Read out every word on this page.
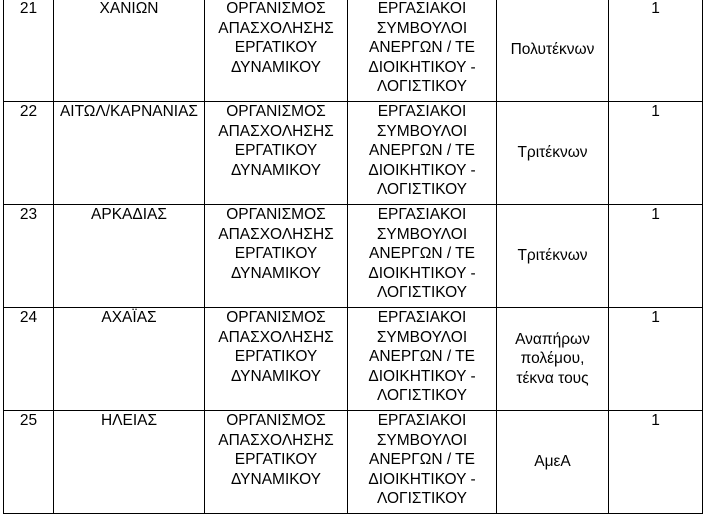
21	ΧΑΝΙΩΝ	ΟΡΓΑΝΙΣΜΟΣ
ΑΠΑΣΧΟΛΗΣΗΣ
ΕΡΓΑΤΙΚΟΥ
ΔΥΝΑΜΙΚΟΥ	ΕΡΓΑΣΙΑΚΟΙ
ΣΥΜΒΟΥΛΟΙ
ΑΝΕΡΓΩΝ / ΤΕ
ΔΙΟΙΚΗΤΙΚΟΥ -
ΛΟΓΙΣΤΙΚΟΥ	Πολυτέκνων	1
22	ΑΙΤΩΛ/ΚΑΡΝΑΝΙΑΣ	ΟΡΓΑΝΙΣΜΟΣ
ΑΠΑΣΧΟΛΗΣΗΣ
ΕΡΓΑΤΙΚΟΥ
ΔΥΝΑΜΙΚΟΥ	ΕΡΓΑΣΙΑΚΟΙ
ΣΥΜΒΟΥΛΟΙ
ΑΝΕΡΓΩΝ / ΤΕ
ΔΙΟΙΚΗΤΙΚΟΥ -
ΛΟΓΙΣΤΙΚΟΥ	Τριτέκνων	1
23	ΑΡΚΑΔΙΑΣ	ΟΡΓΑΝΙΣΜΟΣ
ΑΠΑΣΧΟΛΗΣΗΣ
ΕΡΓΑΤΙΚΟΥ
ΔΥΝΑΜΙΚΟΥ	ΕΡΓΑΣΙΑΚΟΙ
ΣΥΜΒΟΥΛΟΙ
ΑΝΕΡΓΩΝ / ΤΕ
ΔΙΟΙΚΗΤΙΚΟΥ -
ΛΟΓΙΣΤΙΚΟΥ	Τριτέκνων	1
24	ΑΧΑΪΑΣ	ΟΡΓΑΝΙΣΜΟΣ
ΑΠΑΣΧΟΛΗΣΗΣ
ΕΡΓΑΤΙΚΟΥ
ΔΥΝΑΜΙΚΟΥ	ΕΡΓΑΣΙΑΚΟΙ
ΣΥΜΒΟΥΛΟΙ
ΑΝΕΡΓΩΝ / ΤΕ
ΔΙΟΙΚΗΤΙΚΟΥ -
ΛΟΓΙΣΤΙΚΟΥ	Αναπήρων
πολέμου,
τέκνα τους	1
25	ΗΛΕΙΑΣ	ΟΡΓΑΝΙΣΜΟΣ
ΑΠΑΣΧΟΛΗΣΗΣ
ΕΡΓΑΤΙΚΟΥ
ΔΥΝΑΜΙΚΟΥ	ΕΡΓΑΣΙΑΚΟΙ
ΣΥΜΒΟΥΛΟΙ
ΑΝΕΡΓΩΝ / ΤΕ
ΔΙΟΙΚΗΤΙΚΟΥ -
ΛΟΓΙΣΤΙΚΟΥ	ΑμεΑ	1
